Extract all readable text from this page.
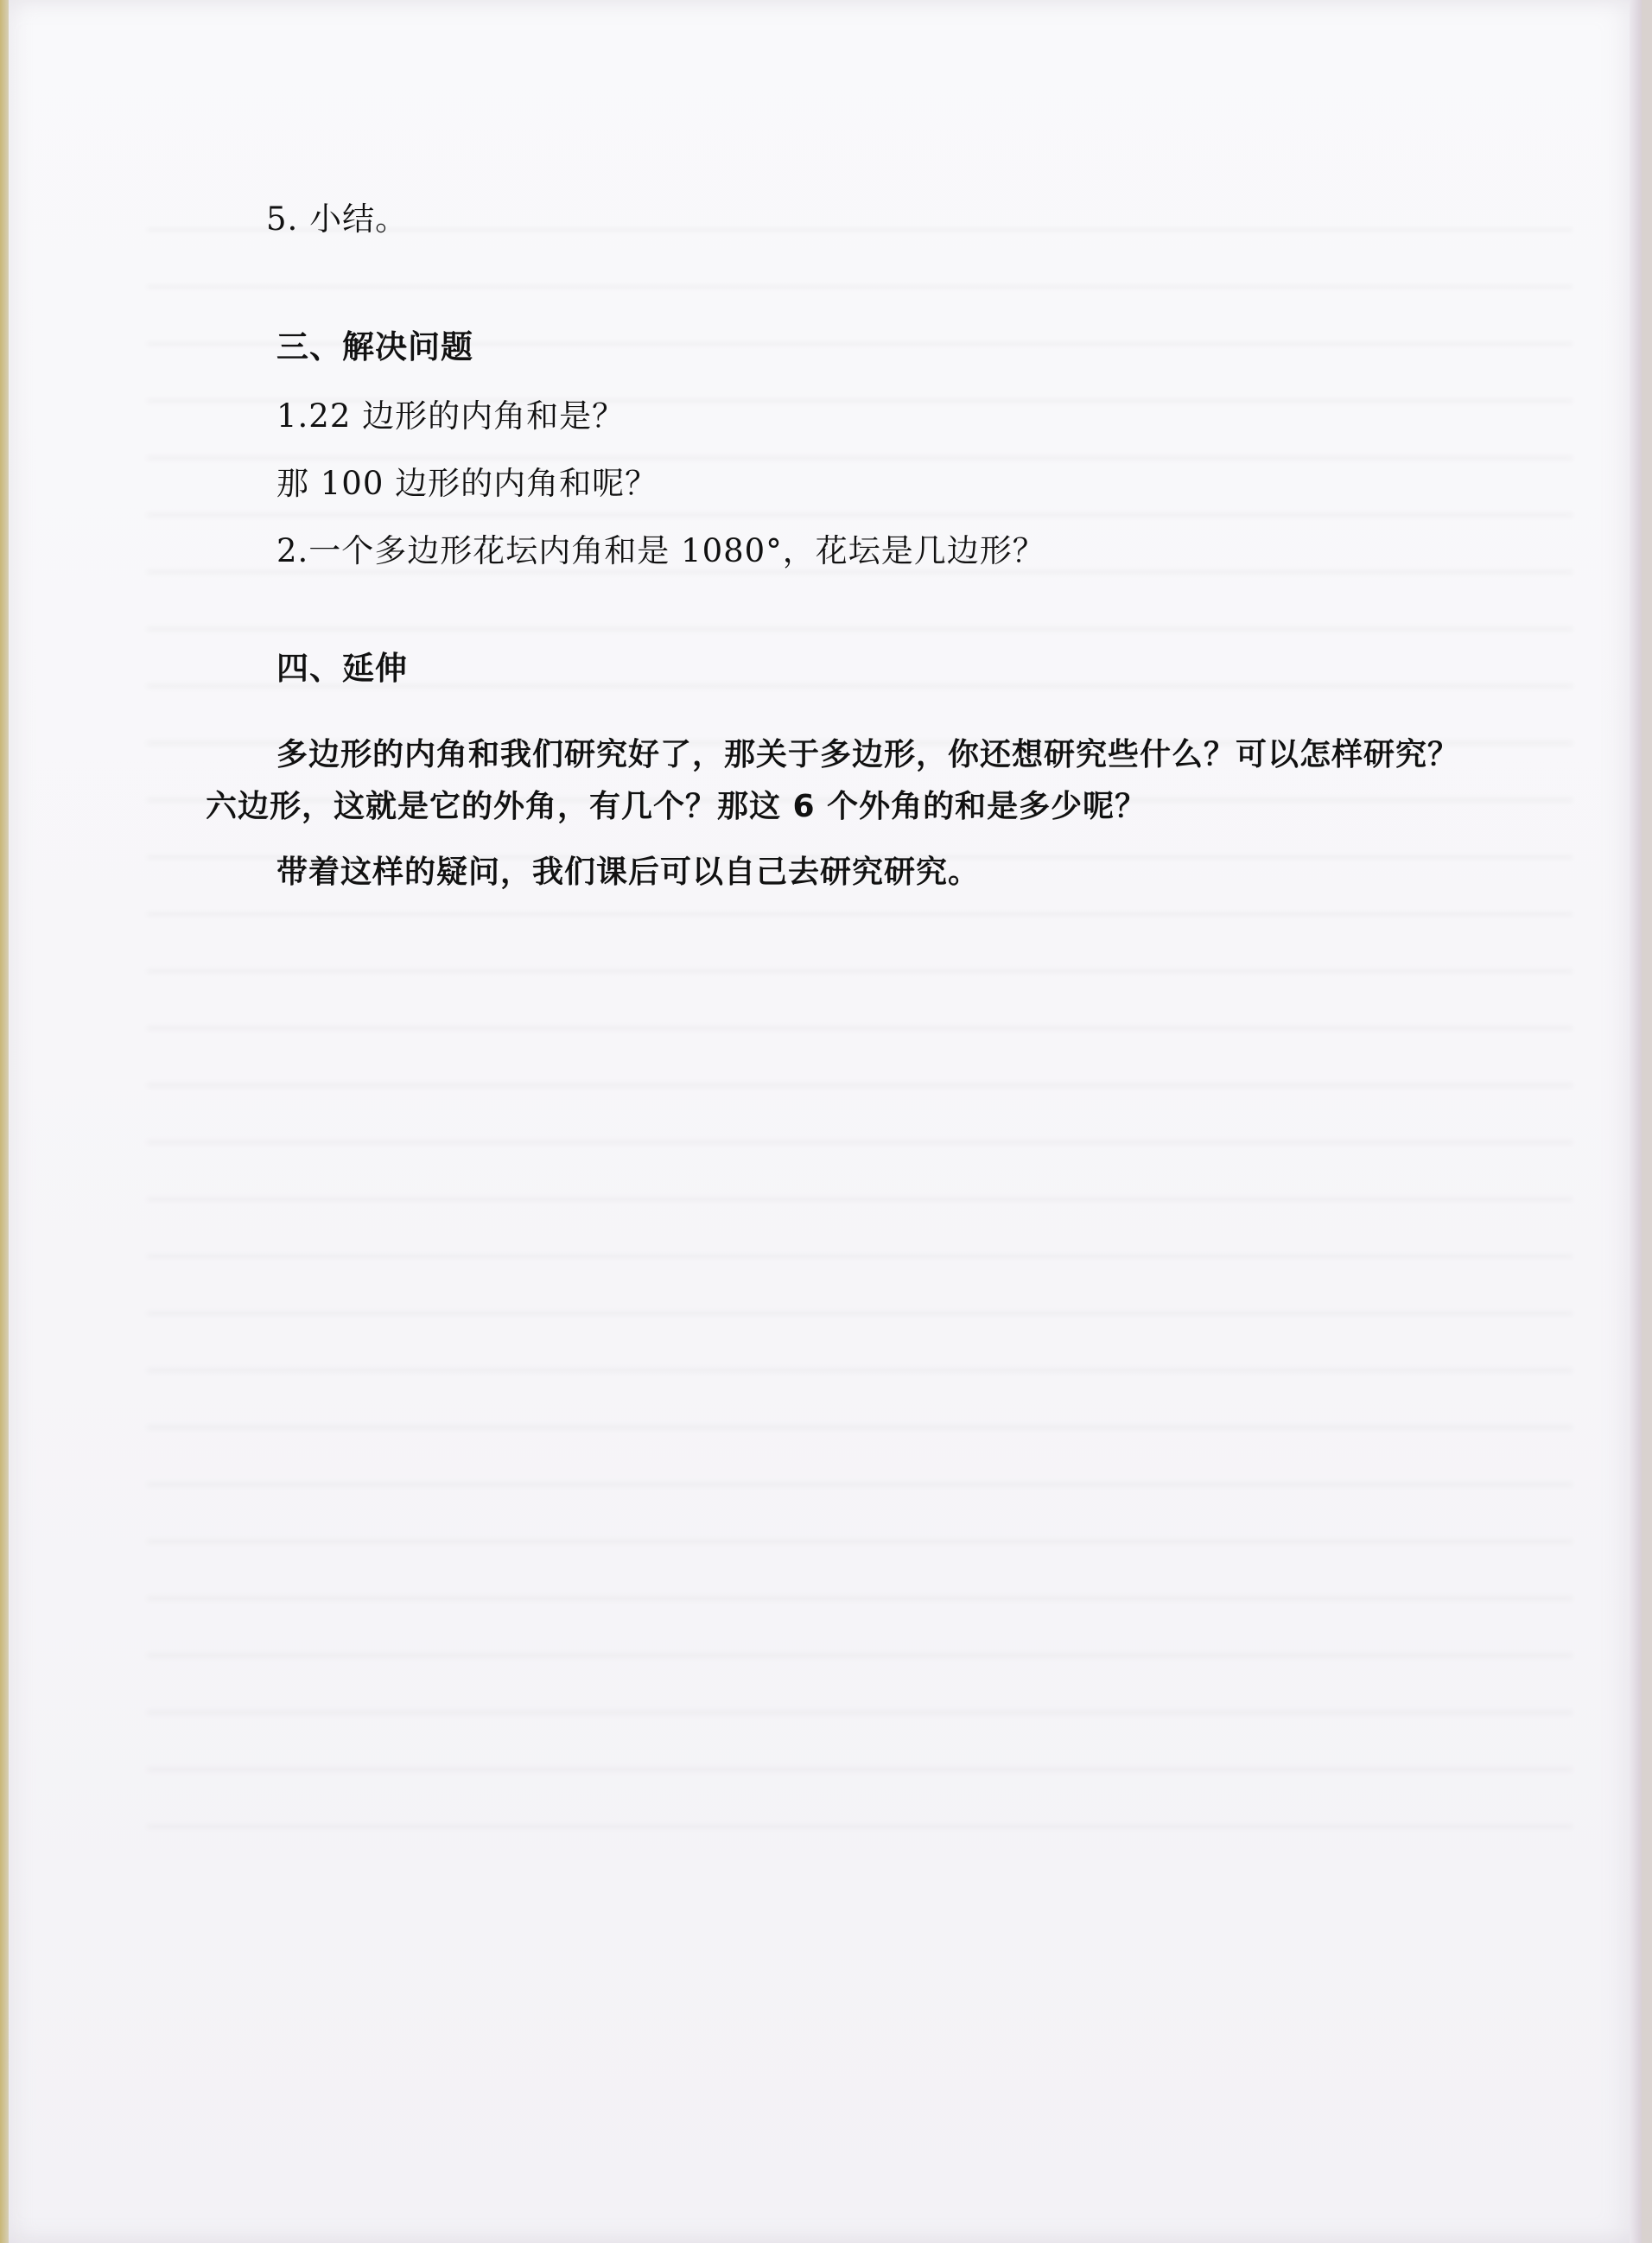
5. 小结。
三、解决问题
1.22 边形的内角和是？
那 100 边形的内角和呢？
2.一个多边形花坛内角和是 1080°，花坛是几边形？
四、延伸
多边形的内角和我们研究好了，那关于多边形，你还想研究些什么？可以怎样研究？
六边形，这就是它的外角，有几个？那这 6 个外角的和是多少呢？
带着这样的疑问，我们课后可以自己去研究研究。
